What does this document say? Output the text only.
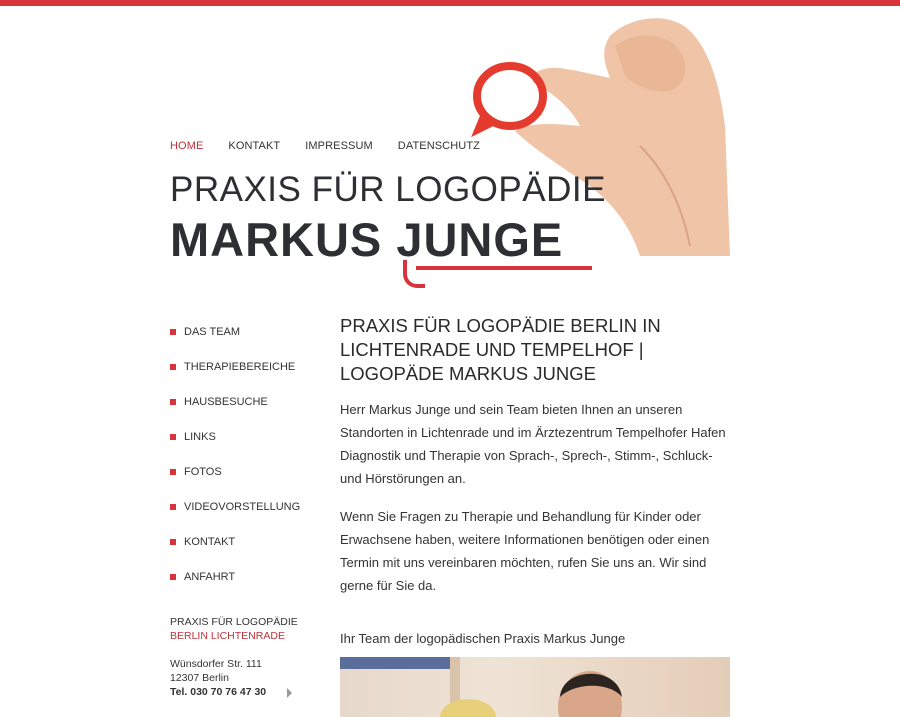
HOME KONTAKT IMPRESSUM DATENSCHUTZ
PRAXIS FÜR LOGOPÄDIE
MARKUS JUNGE
DAS TEAM
THERAPIEBEREICHE
HAUSBESUCHE
LINKS
FOTOS
VIDEOVORSTELLUNG
KONTAKT
ANFAHRT
PRAXIS FÜR LOGOPÄDIE
BERLIN LICHTENRADE
Wünsdorfer Str. 111
12307 Berlin
Tel. 030 70 76 47 30
PRAXIS FÜR LOGOPÄDIE BERLIN IN LICHTENRADE UND TEMPELHOF | LOGOPÄDE MARKUS JUNGE

Herr Markus Junge und sein Team bieten Ihnen an unseren Standorten in Lichtenrade und im Ärztezentrum Tempelhofer Hafen Diagnostik und Therapie von Sprach-, Sprech-, Stimm-, Schluck- und Hörstörungen an.

Wenn Sie Fragen zu Therapie und Behandlung für Kinder oder Erwachsene haben, weitere Informationen benötigen oder einen Termin mit uns vereinbaren möchten, rufen Sie uns an. Wir sind gerne für Sie da.

Ihr Team der logopädischen Praxis Markus Junge
